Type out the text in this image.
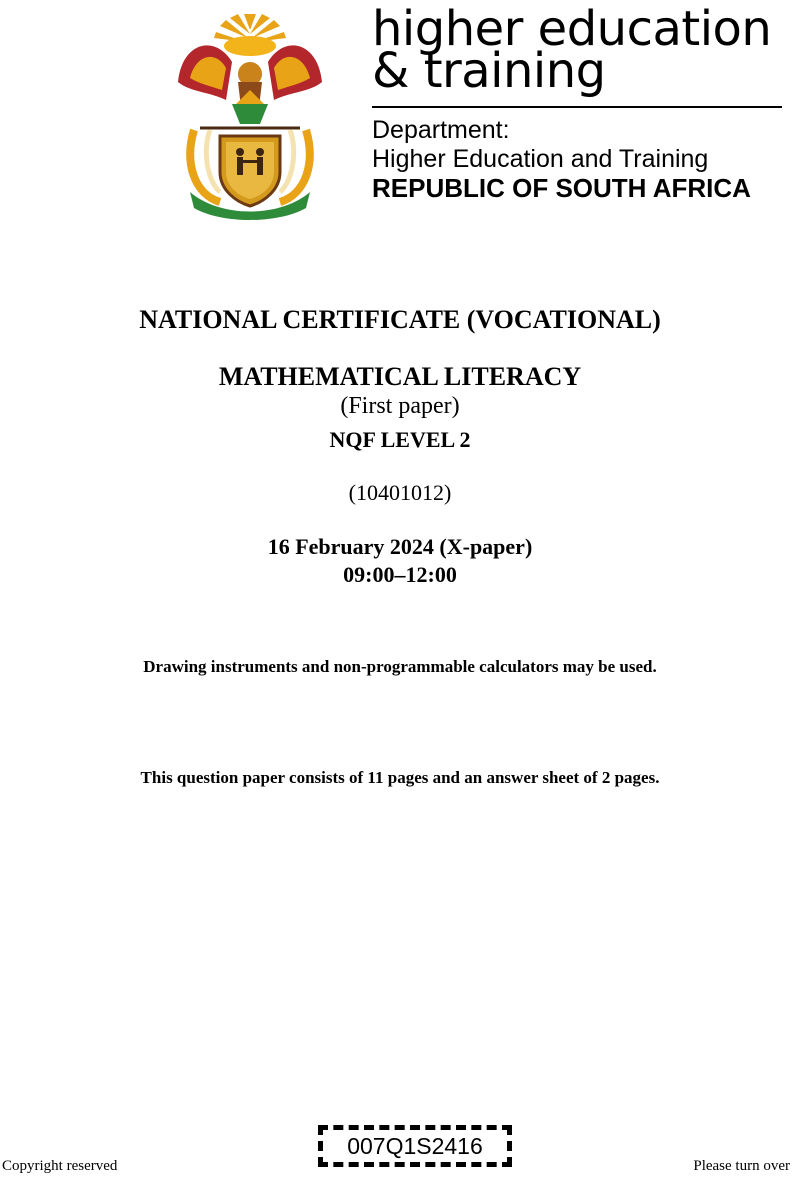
higher education
& training
Department:
Higher Education and Training
REPUBLIC OF SOUTH AFRICA
NATIONAL CERTIFICATE (VOCATIONAL)
MATHEMATICAL LITERACY
(First paper)
NQF LEVEL 2
(10401012)
16 February 2024 (X-paper)
09:00–12:00
Drawing instruments and non-programmable calculators may be used.
This question paper consists of 11 pages and an answer sheet of 2 pages.
007Q1S2416
Copyright reserved	Please turn over
